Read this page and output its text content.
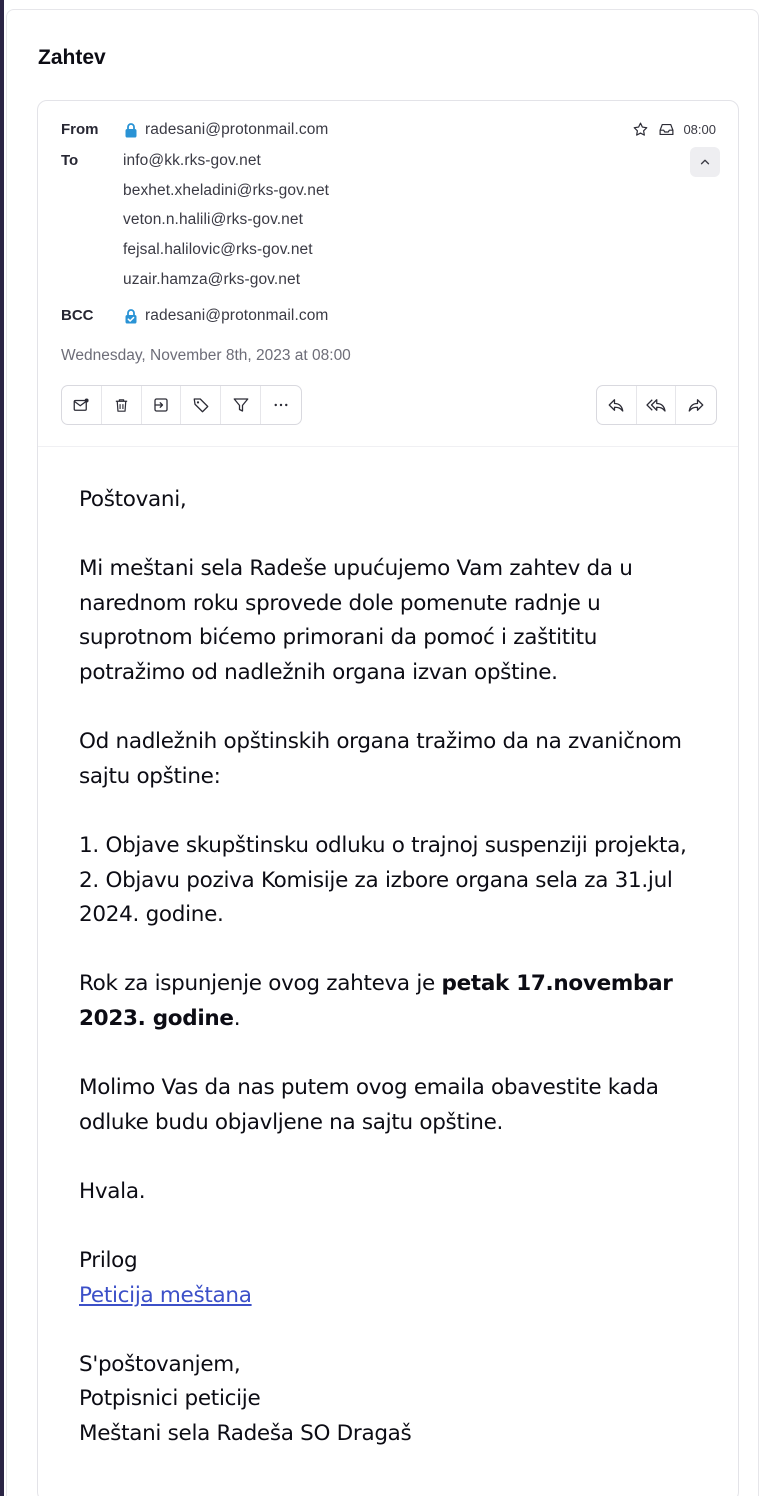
Zahtev
From	radesani@protonmail.com	08:00
To	info@kk.rks-gov.net
bexhet.xheladini@rks-gov.net
veton.n.halili@rks-gov.net
fejsal.halilovic@rks-gov.net
uzair.hamza@rks-gov.net
BCC	radesani@protonmail.com
Wednesday, November 8th, 2023 at 08:00

Poštovani,

Mi meštani sela Radeše upućujemo Vam zahtev da u narednom roku sprovede dole pomenute radnje u suprotnom bićemo primorani da pomoć i zaštititu potražimo od nadležnih organa izvan opštine.

Od nadležnih opštinskih organa tražimo da na zvaničnom sajtu opštine:

1. Objave skupštinsku odluku o trajnoj suspenziji projekta,

2. Objavu poziva Komisije za izbore organa sela za 31.jul 2024. godine.

Rok za ispunjenje ovog zahteva je petak 17.novembar 2023. godine.

Molimo Vas da nas putem ovog emaila obavestite kada odluke budu objavljene na sajtu opštine.

Hvala.

Prilog

Peticija meštana

S'poštovanjem,

Potpisnici peticije

Meštani sela Radeša SO Dragaš
